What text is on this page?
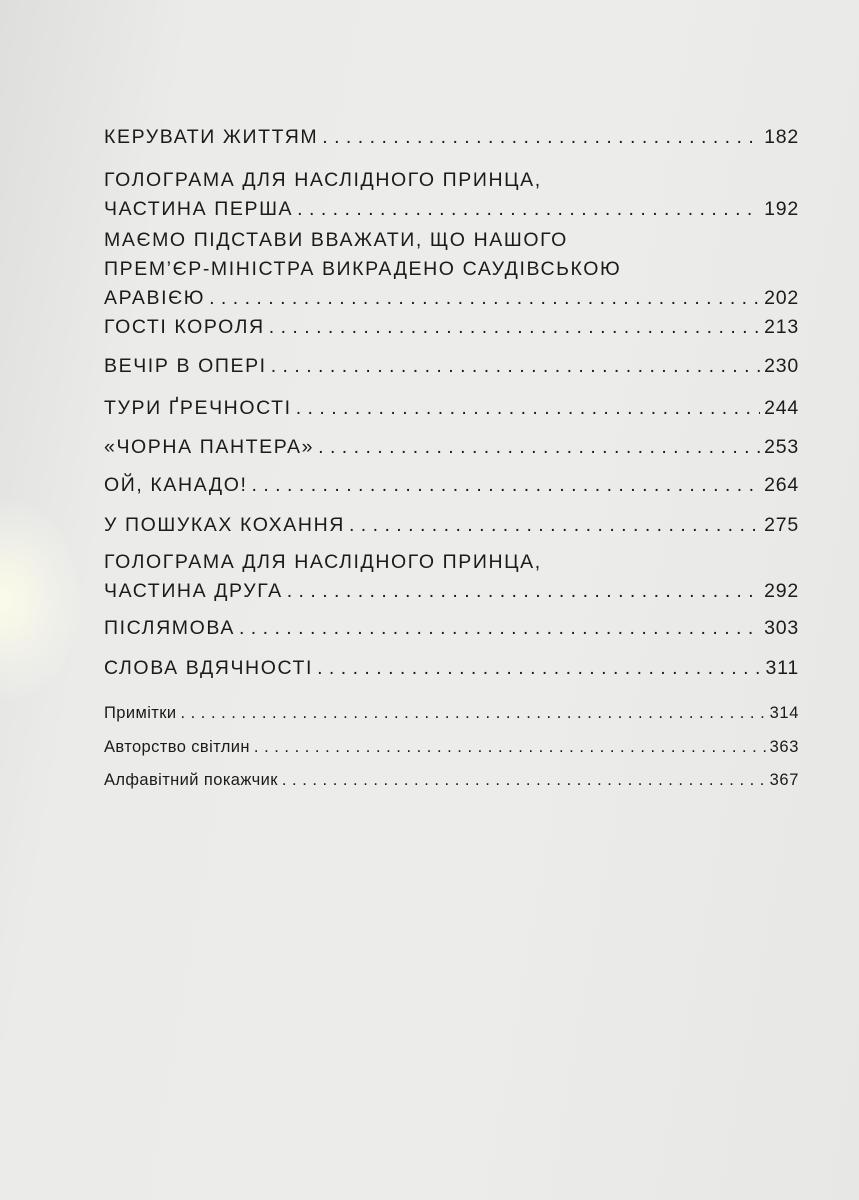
КЕРУВАТИ ЖИТТЯМ . . .	182
ГОЛОГРАМА ДЛЯ НАСЛІДНОГО ПРИНЦА,
ЧАСТИНА ПЕРША . . .	192
МАЄМО ПІДСТАВИ ВВАЖАТИ, ЩО НАШОГО
ПРЕМ’ЄР-МІНІСТРА ВИКРАДЕНО САУДІВСЬКОЮ
АРАВІЄЮ . . .	202
ГОСТІ КОРОЛЯ . . .	213
ВЕЧІР В ОПЕРІ . . .	230
ТУРИ ҐРЕЧНОСТІ . . .	244
«ЧОРНА ПАНТЕРА» . . .	253
ОЙ, КАНАДО! . . .	264
У ПОШУКАХ КОХАННЯ . . .	275
ГОЛОГРАМА ДЛЯ НАСЛІДНОГО ПРИНЦА,
ЧАСТИНА ДРУГА . . .	292
ПІСЛЯМОВА . . .	303
СЛОВА ВДЯЧНОСТІ . . .	311
Примітки . . .	314
Авторство світлин . . .	363
Алфавітний покажчик . . .	367
